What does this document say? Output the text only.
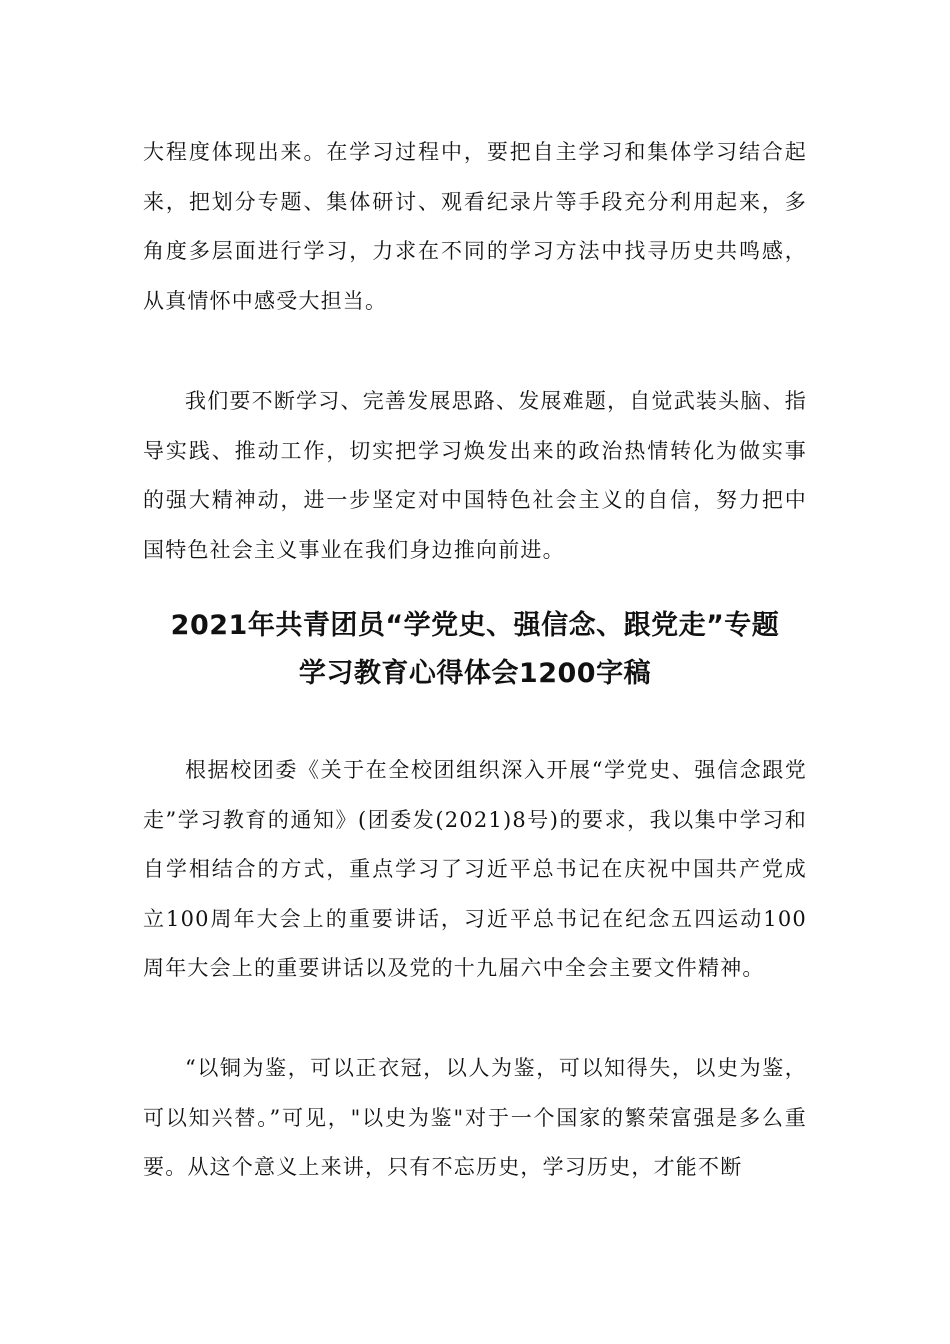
大程度体现出来。在学习过程中，要把自主学习和集体学习结合起来，把划分专题、集体研讨、观看纪录片等手段充分利用起来，多角度多层面进行学习，力求在不同的学习方法中找寻历史共鸣感，从真情怀中感受大担当。

我们要不断学习、完善发展思路、发展难题，自觉武装头脑、指导实践、推动工作，切实把学习焕发出来的政治热情转化为做实事的强大精神动，进一步坚定对中国特色社会主义的自信，努力把中国特色社会主义事业在我们身边推向前进。

2021年共青团员“学党史、强信念、跟党走”专题
学习教育心得体会1200字稿

根据校团委《关于在全校团组织深入开展“学党史、强信念跟党走”学习教育的通知》(团委发(2021)8号)的要求，我以集中学习和自学相结合的方式，重点学习了习近平总书记在庆祝中国共产党成立100周年大会上的重要讲话，习近平总书记在纪念五四运动100周年大会上的重要讲话以及党的十九届六中全会主要文件精神。

“以铜为鉴，可以正衣冠，以人为鉴，可以知得失，以史为鉴，可以知兴替。”可见，"以史为鉴"对于一个国家的繁荣富强是多么重要。从这个意义上来讲，只有不忘历史，学习历史，才能不断
